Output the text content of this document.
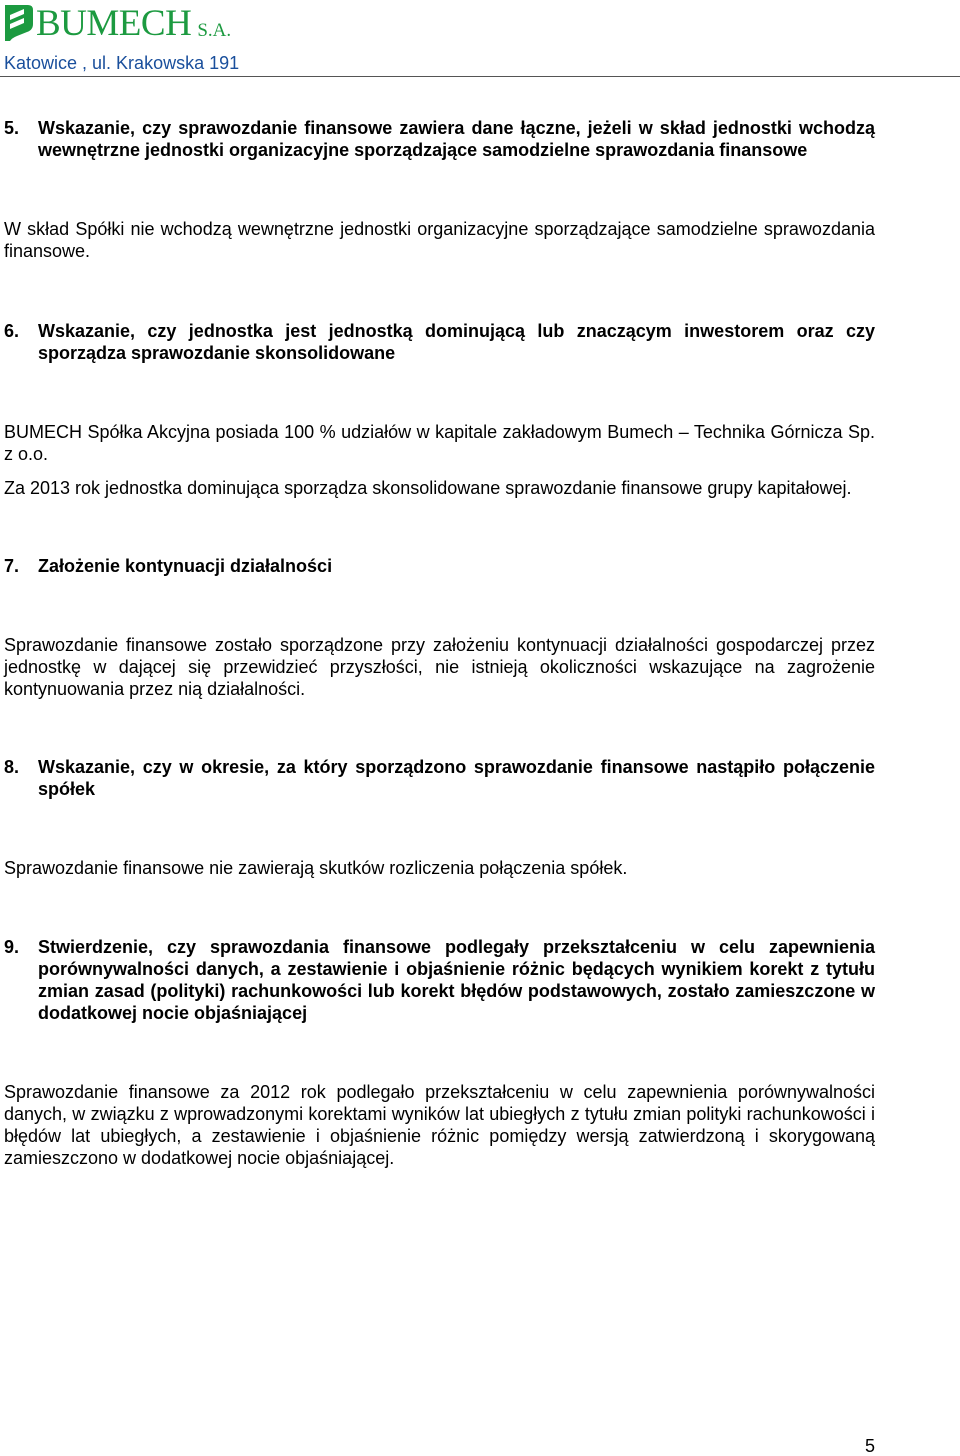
BUMECH S.A.
Katowice , ul. Krakowska 191
5.	Wskazanie, czy sprawozdanie finansowe zawiera dane łączne, jeżeli w skład jednostki wchodzą wewnętrzne jednostki organizacyjne sporządzające samodzielne sprawozdania finansowe

W skład Spółki nie wchodzą wewnętrzne jednostki organizacyjne sporządzające samodzielne sprawozdania finansowe.

6.	Wskazanie, czy jednostka jest jednostką dominującą lub znaczącym inwestorem oraz czy sporządza sprawozdanie skonsolidowane

BUMECH Spółka Akcyjna posiada 100 % udziałów w kapitale zakładowym Bumech – Technika Górnicza Sp. z o.o.

Za 2013 rok jednostka dominująca sporządza skonsolidowane sprawozdanie finansowe grupy kapitałowej.

7.	Założenie kontynuacji działalności

Sprawozdanie finansowe zostało sporządzone przy założeniu kontynuacji działalności gospodarczej przez jednostkę w dającej się przewidzieć przyszłości, nie istnieją okoliczności wskazujące na zagrożenie kontynuowania przez nią działalności.

8.	Wskazanie, czy w okresie, za który sporządzono sprawozdanie finansowe nastąpiło połączenie spółek

Sprawozdanie finansowe nie zawierają skutków rozliczenia połączenia spółek.

9.	Stwierdzenie, czy sprawozdania finansowe podlegały przekształceniu w celu zapewnienia porównywalności danych, a zestawienie i objaśnienie różnic będących wynikiem korekt z tytułu zmian zasad (polityki) rachunkowości lub korekt błędów podstawowych, zostało zamieszczone w dodatkowej nocie objaśniającej

Sprawozdanie finansowe za 2012 rok podlegało przekształceniu w celu zapewnienia porównywalności danych, w związku z wprowadzonymi korektami wyników lat ubiegłych z tytułu zmian polityki rachunkowości i błędów lat ubiegłych, a zestawienie i objaśnienie różnic pomiędzy wersją zatwierdzoną i skorygowaną zamieszczono w dodatkowej nocie objaśniającej.

5
